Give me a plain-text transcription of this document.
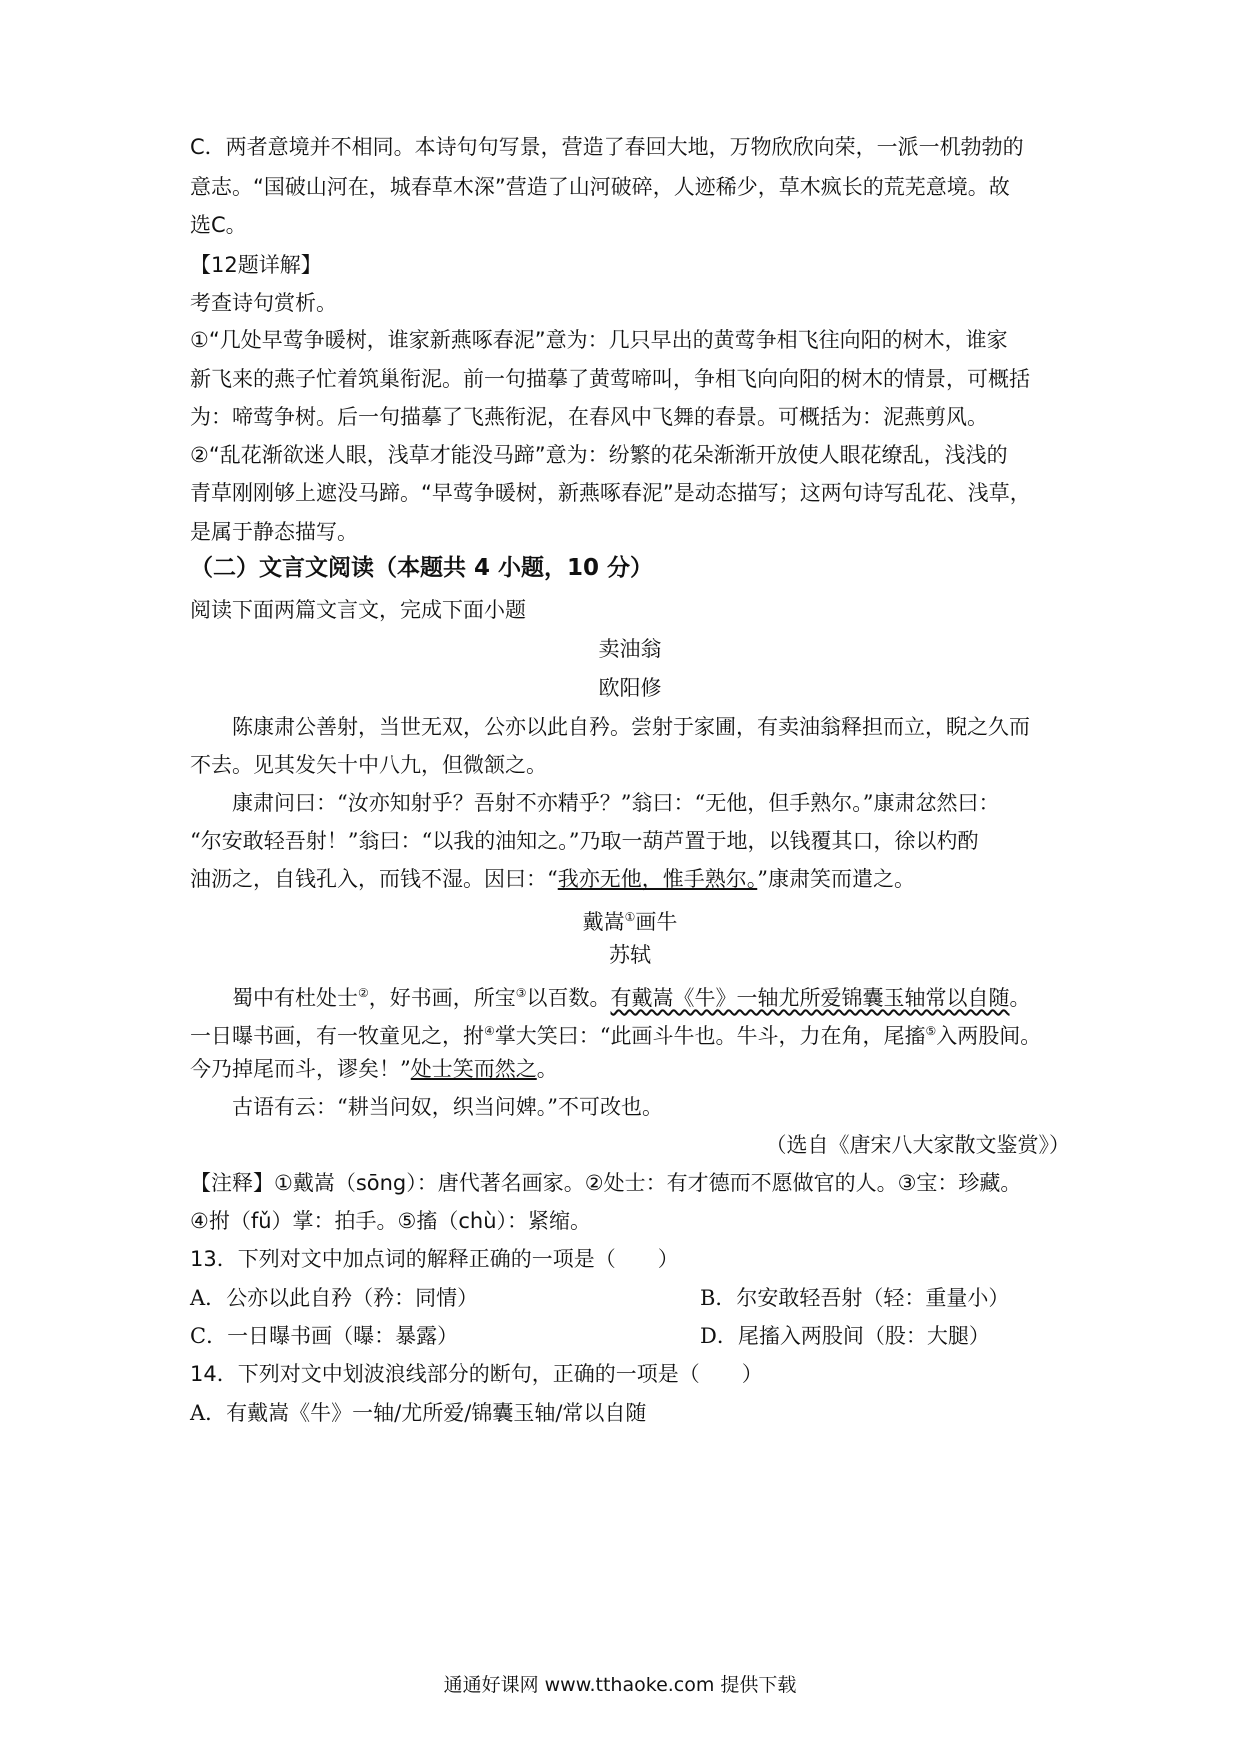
C．两者意境并不相同。本诗句句写景，营造了春回大地，万物欣欣向荣，一派一机勃勃的
意志。“国破山河在，城春草木深”营造了山河破碎，人迹稀少，草木疯长的荒芜意境。故
选C。
【12题详解】
考查诗句赏析。
①“几处早莺争暖树，谁家新燕啄春泥”意为：几只早出的黄莺争相飞往向阳的树木，谁家
新飞来的燕子忙着筑巢衔泥。前一句描摹了黄莺啼叫，争相飞向向阳的树木的情景，可概括
为：啼莺争树。后一句描摹了飞燕衔泥，在春风中飞舞的春景。可概括为：泥燕剪风。
②“乱花渐欲迷人眼，浅草才能没马蹄”意为：纷繁的花朵渐渐开放使人眼花缭乱，浅浅的
青草刚刚够上遮没马蹄。“早莺争暖树，新燕啄春泥”是动态描写；这两句诗写乱花、浅草，
是属于静态描写。
（二）文言文阅读（本题共 4 小题，10 分）
阅读下面两篇文言文，完成下面小题
卖油翁
欧阳修
陈康肃公善射，当世无双，公亦以此自矜。尝射于家圃，有卖油翁释担而立，睨之久而
不去。见其发矢十中八九，但微颔之。
康肃问曰：“汝亦知射乎？吾射不亦精乎？”翁曰：“无他，但手熟尔。”康肃忿然曰：
“尔安敢轻吾射！”翁曰：“以我的油知之。”乃取一葫芦置于地，以钱覆其口，徐以杓酌
油沥之，自钱孔入，而钱不湿。因曰：“我亦无他，惟手熟尔。”康肃笑而遣之。
戴嵩①画牛
苏轼
蜀中有杜处士②，好书画，所宝③以百数。有戴嵩《牛》一轴尤所爱锦囊玉轴常以自随。
一日曝书画，有一牧童见之，拊④掌大笑曰：“此画斗牛也。牛斗，力在角，尾搐⑤入两股间。
今乃掉尾而斗，谬矣！”处士笑而然之。
古语有云：“耕当问奴，织当问婢。”不可改也。
（选自《唐宋八大家散文鉴赏》）
【注释】①戴嵩（sōng）：唐代著名画家。②处士：有才德而不愿做官的人。③宝：珍藏。
④拊（fǔ）掌：拍手。⑤搐（chù）：紧缩。
13．下列对文中加点词的解释正确的一项是（　　）
A．公亦以此自矜（矜：同情）	B．尔安敢轻吾射（轻：重量小）
C．一日曝书画（曝：暴露）	D．尾搐入两股间（股：大腿）
14．下列对文中划波浪线部分的断句，正确的一项是（　　）
A．有戴嵩《牛》一轴/尤所爱/锦囊玉轴/常以自随
通通好课网 www.tthaoke.com 提供下载
